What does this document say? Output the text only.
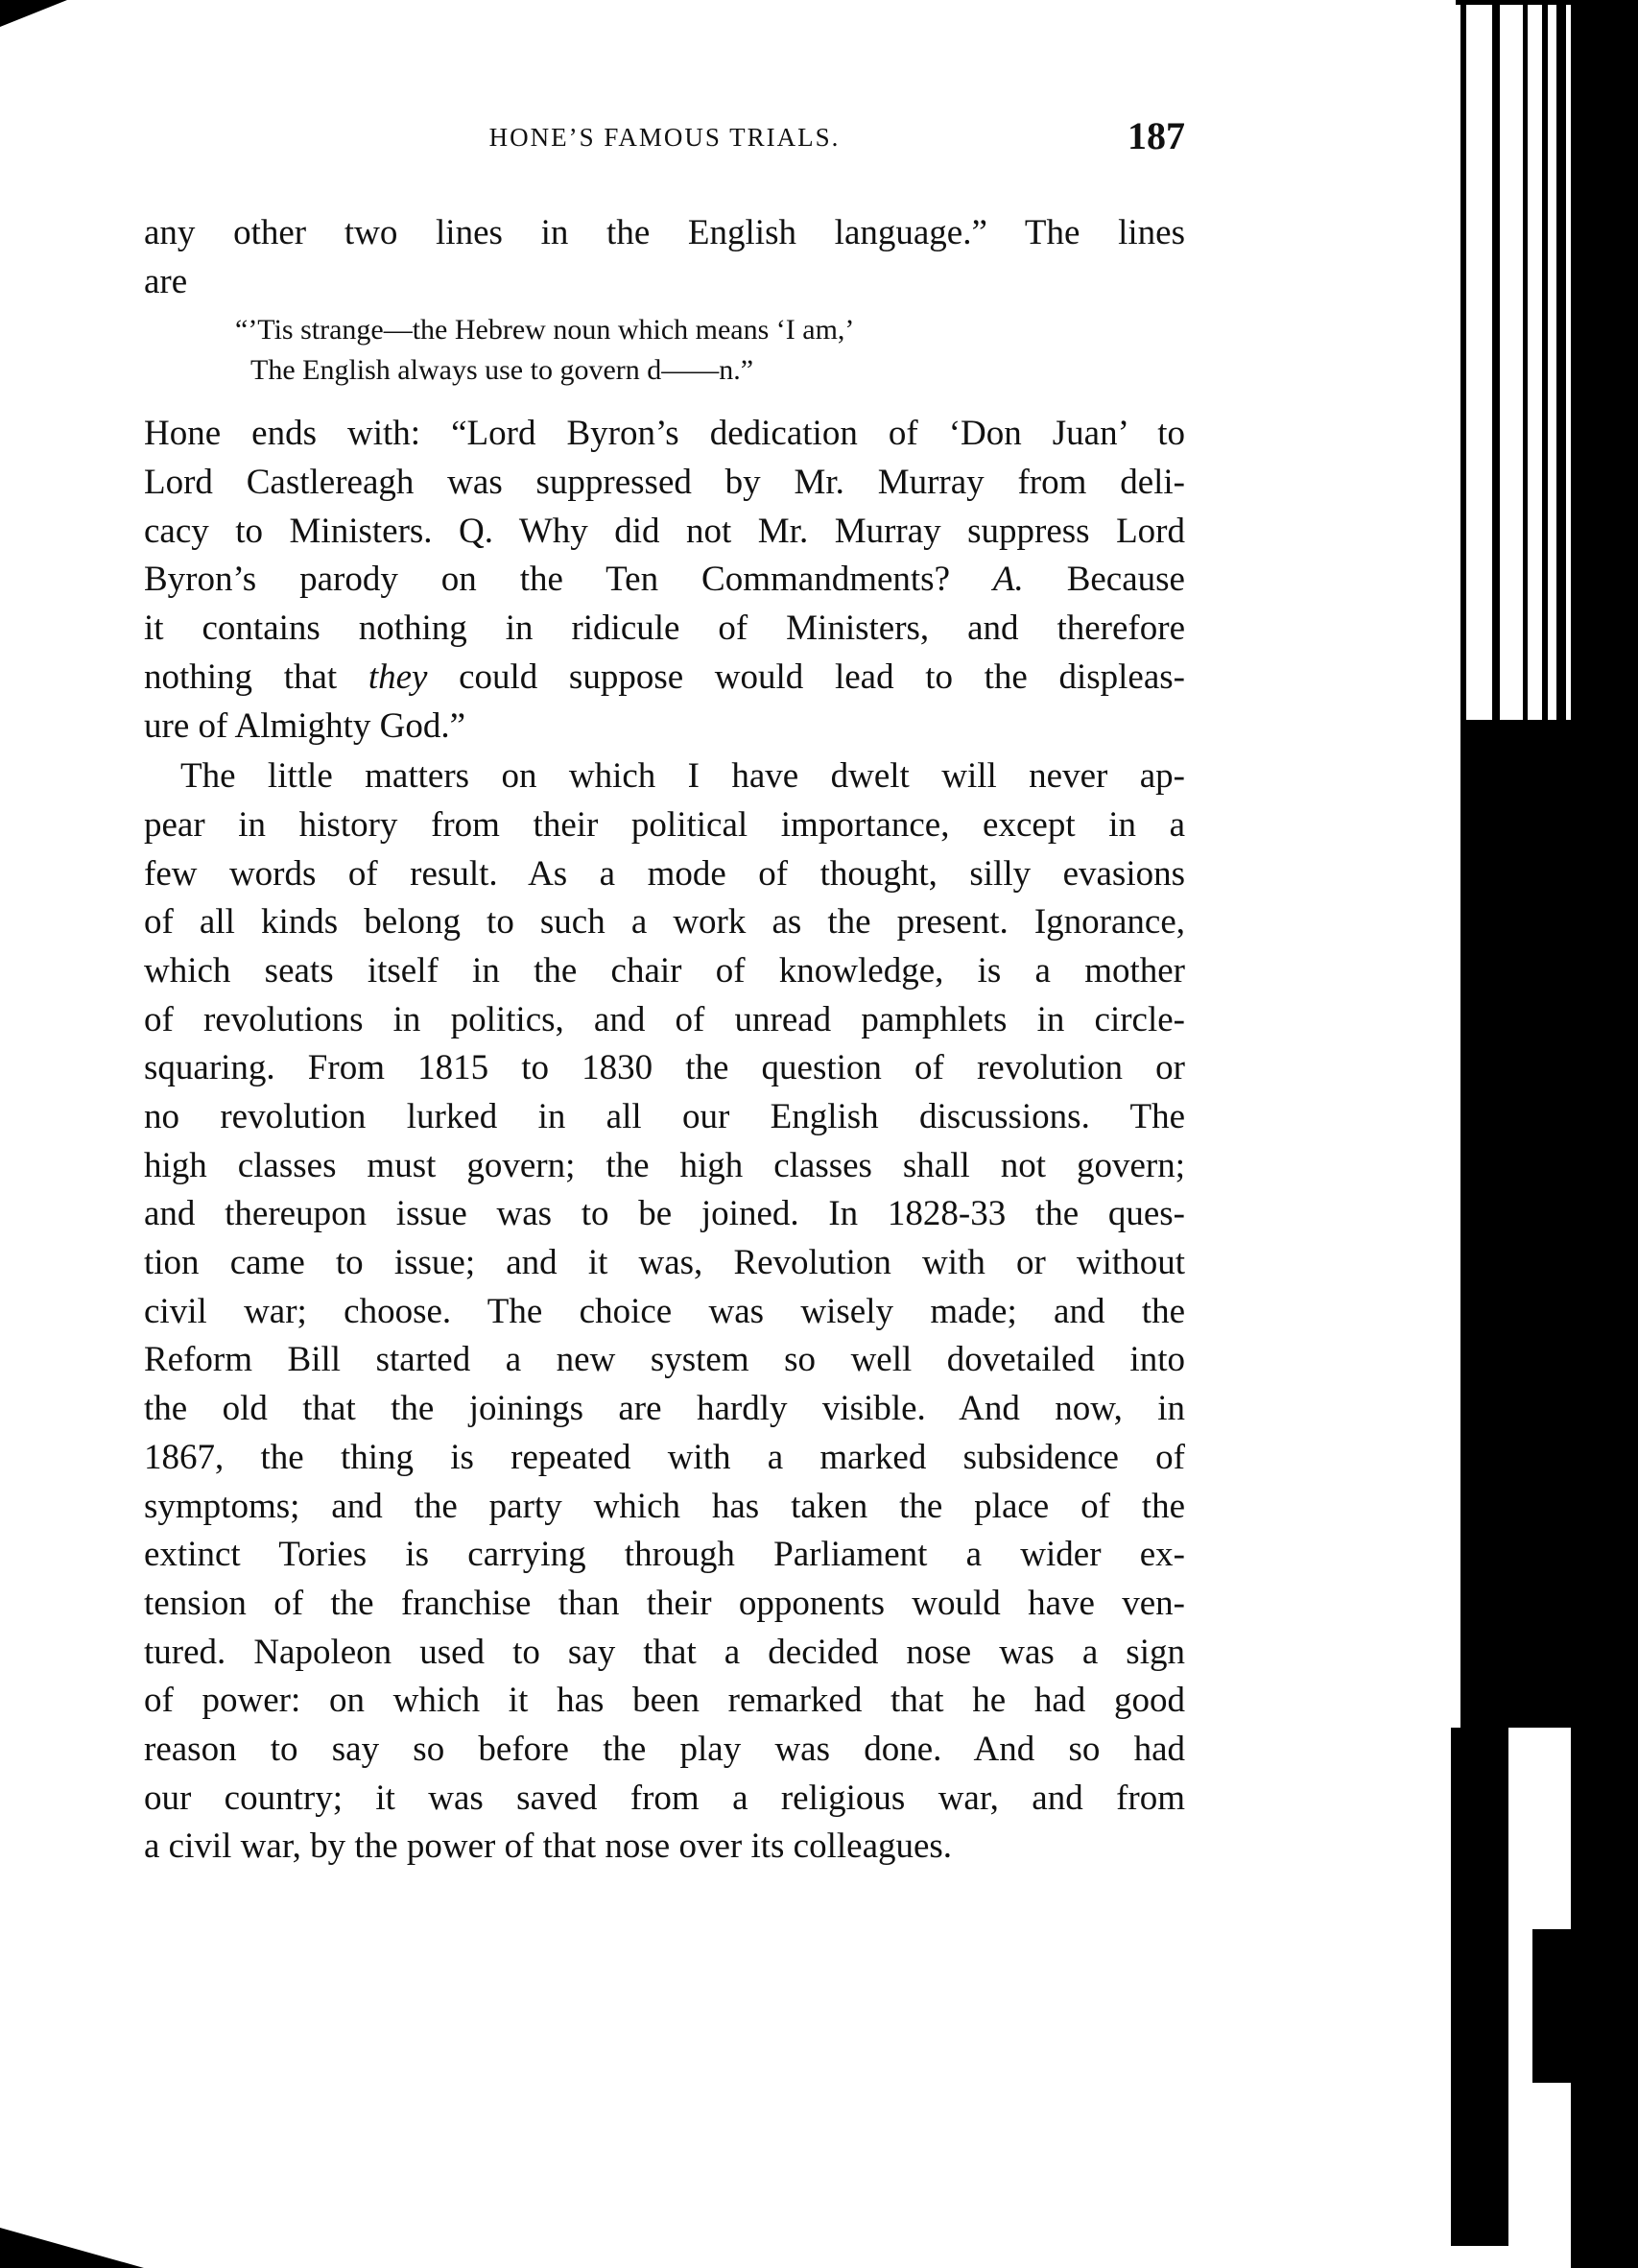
HONE’S FAMOUS TRIALS.	187
any other two lines in the English language.” The lines
are
“’Tis strange—the Hebrew noun which means ‘I am,’
The English always use to govern d——n.”
Hone ends with: “Lord Byron’s dedication of ‘Don Juan’ to
Lord Castlereagh was suppressed by Mr. Murray from deli-
cacy to Ministers. Q. Why did not Mr. Murray suppress Lord
Byron’s parody on the Ten Commandments? A. Because
it contains nothing in ridicule of Ministers, and therefore
nothing that they could suppose would lead to the displeas-
ure of Almighty God.”
The little matters on which I have dwelt will never ap-
pear in history from their political importance, except in a
few words of result. As a mode of thought, silly evasions
of all kinds belong to such a work as the present. Ignorance,
which seats itself in the chair of knowledge, is a mother
of revolutions in politics, and of unread pamphlets in circle-
squaring. From 1815 to 1830 the question of revolution or
no revolution lurked in all our English discussions. The
high classes must govern; the high classes shall not govern;
and thereupon issue was to be joined. In 1828-33 the ques-
tion came to issue; and it was, Revolution with or without
civil war; choose. The choice was wisely made; and the
Reform Bill started a new system so well dovetailed into
the old that the joinings are hardly visible. And now, in
1867, the thing is repeated with a marked subsidence of
symptoms; and the party which has taken the place of the
extinct Tories is carrying through Parliament a wider ex-
tension of the franchise than their opponents would have ven-
tured. Napoleon used to say that a decided nose was a sign
of power: on which it has been remarked that he had good
reason to say so before the play was done. And so had
our country; it was saved from a religious war, and from
a civil war, by the power of that nose over its colleagues.
